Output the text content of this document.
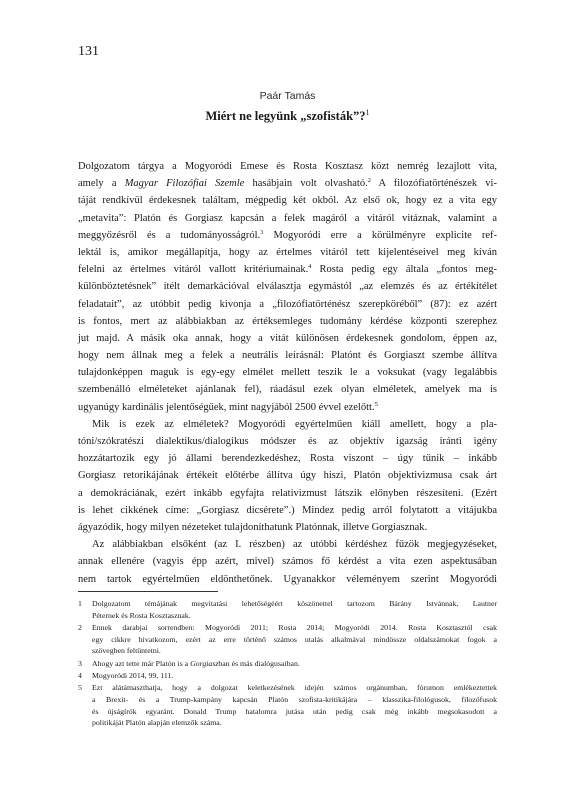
131
Paár Tamás
Miért ne legyünk „szofisták”?$^1$
Dolgozatom tárgya a Mogyoródi Emese és Rosta Kosztasz közt nemrég lezajlott vita,
amely a Magyar Filozófiai Szemle hasábjain volt olvasható.$^2$ A filozófiatörténészek vi-
táját rendkívül érdekesnek találtam, mégpedig két okból. Az első ok, hogy ez a vita egy
„metavita”: Platón és Gorgiasz kapcsán a felek magáról a vitáról vitáznak, valamint a
meggyőzésről és a tudományosságról.$^3$ Mogyoródi erre a körülményre explicite ref-
lektál is, amikor megállapítja, hogy az értelmes vitáról tett kijelentéseivel meg kíván
felelni az értelmes vitáról vallott kritériumainak.$^4$ Rosta pedig egy általa „fontos meg-
különböztetésnek” ítélt demarkációval elválasztja egymástól „az elemzés és az értékítélet
feladatait”, az utóbbit pedig kivonja a „filozófiatörténész szerepköréből” (87): ez azért
is fontos, mert az alábbiakban az értéksemleges tudomány kérdése központi szerephez
jut majd. A másik oka annak, hogy a vitát különösen érdekesnek gondolom, éppen az,
hogy nem állnak meg a felek a neutrális leírásnál: Platónt és Gorgiaszt szembe állítva
tulajdonképpen maguk is egy-egy elmélet mellett teszik le a voksukat (vagy legalábbis
szembenálló elméleteket ajánlanak fel), ráadásul ezek olyan elméletek, amelyek ma is
ugyanúgy kardinális jelentőségűek, mint nagyjából 2500 évvel ezelőtt.$^5$
Mik is ezek az elméletek? Mogyoródi egyértelműen kiáll amellett, hogy a pla-
tóni/szókratészi dialektikus/dialogikus módszer és az objektív igazság iránti igény
hozzátartozik egy jó állami berendezkedéshez, Rosta viszont – úgy tűnik – inkább
Gorgiasz retorikájának értékeit előtérbe állítva úgy hiszi, Platón objektivizmusa csak árt
a demokráciának, ezért inkább egyfajta relativizmust látszik előnyben részesíteni. (Ezért
is lehet cikkének címe: „Gorgiasz dicsérete”.) Mindez pedig arról folytatott a vitájukba
ágyazódik, hogy milyen nézeteket tulajdoníthatunk Platónnak, illetve Gorgiasznak.
Az alábbiakban elsőként (az I. részben) az utóbbi kérdéshez fűzök megjegyzéseket,
annak ellenére (vagyis épp azért, mivel) számos fő kérdést a vita ezen aspektusában
nem tartok egyértelműen eldönthetőnek. Ugyanakkor véleményem szerint Mogyoródi
1	Dolgozatom témájának megvitatási lehetőségéért köszönettel tartozom Bárány Istvánnak, Lautner
Péternek és Rosta Kosztasznak.
2	Ennek darabjai sorrendben: Mogyoródi 2011; Rosta 2014; Mogyoródi 2014. Rosta Kosztasztól csak
egy cikkre hivatkozom, ezért az erre történő számos utalás alkalmával mindössze oldalszámokat fogok a
szövegben feltüntetni.
3	Ahogy azt tette már Platón is a Gorgiaszban és más dialógusaiban.
4	Mogyoródi 2014, 99, 111.
5	Ezt alátámaszthatja, hogy a dolgozat keletkezésének idején számos orgánumban, fórumon emlékeztettek
a Brexit- és a Trump-kampány kapcsán Platón szofista-kritikájára – klasszika-filológusok, filozófusok
és újságírók egyaránt. Donald Trump hatalomra jutása után pedig csak még inkább megsokasodott a
politikáját Platón alapján elemzők száma.
